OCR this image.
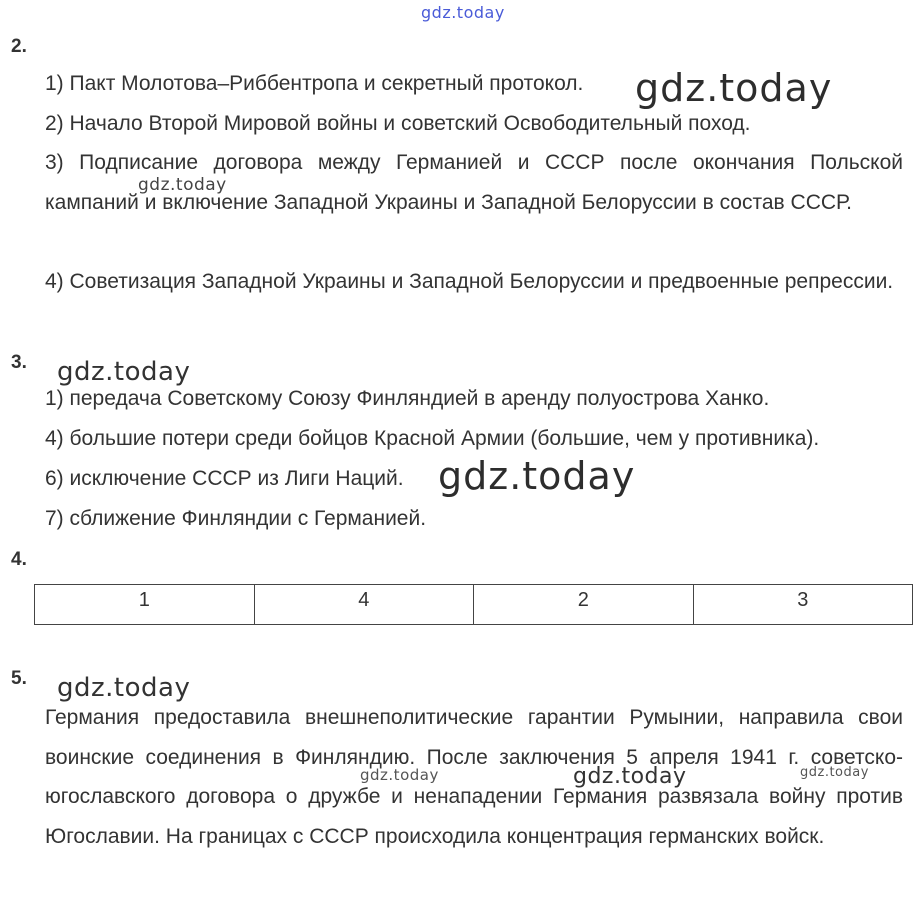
gdz.today
2.
1) Пакт Молотова–Риббентропа и секретный протокол.
2) Начало Второй Мировой войны и советский Освободительный поход.
3) Подписание договора между Германией и СССР после окончания Польской кампаний и включение Западной Украины и Западной Белоруссии в состав СССР.
4) Советизация Западной Украины и Западной Белоруссии и предвоенные репрессии.
3.
1) передача Советскому Союзу Финляндией в аренду полуострова Ханко.
4) большие потери среди бойцов Красной Армии (большие, чем у противника).
6) исключение СССР из Лиги Наций.
7) сближение Финляндии с Германией.
4.
1	4	2	3
5.
Германия предоставила внешнеполитические гарантии Румынии, направила свои воинские соединения в Финляндию. После заключения 5 апреля 1941 г. советско-югославского договора о дружбе и ненападении Германия развязала войну против Югославии. На границах с СССР происходила концентрация германских войск.
gdz.today
gdz.today
gdz.today
gdz.today
gdz.today
gdz.today	gdz.today	gdz.today
